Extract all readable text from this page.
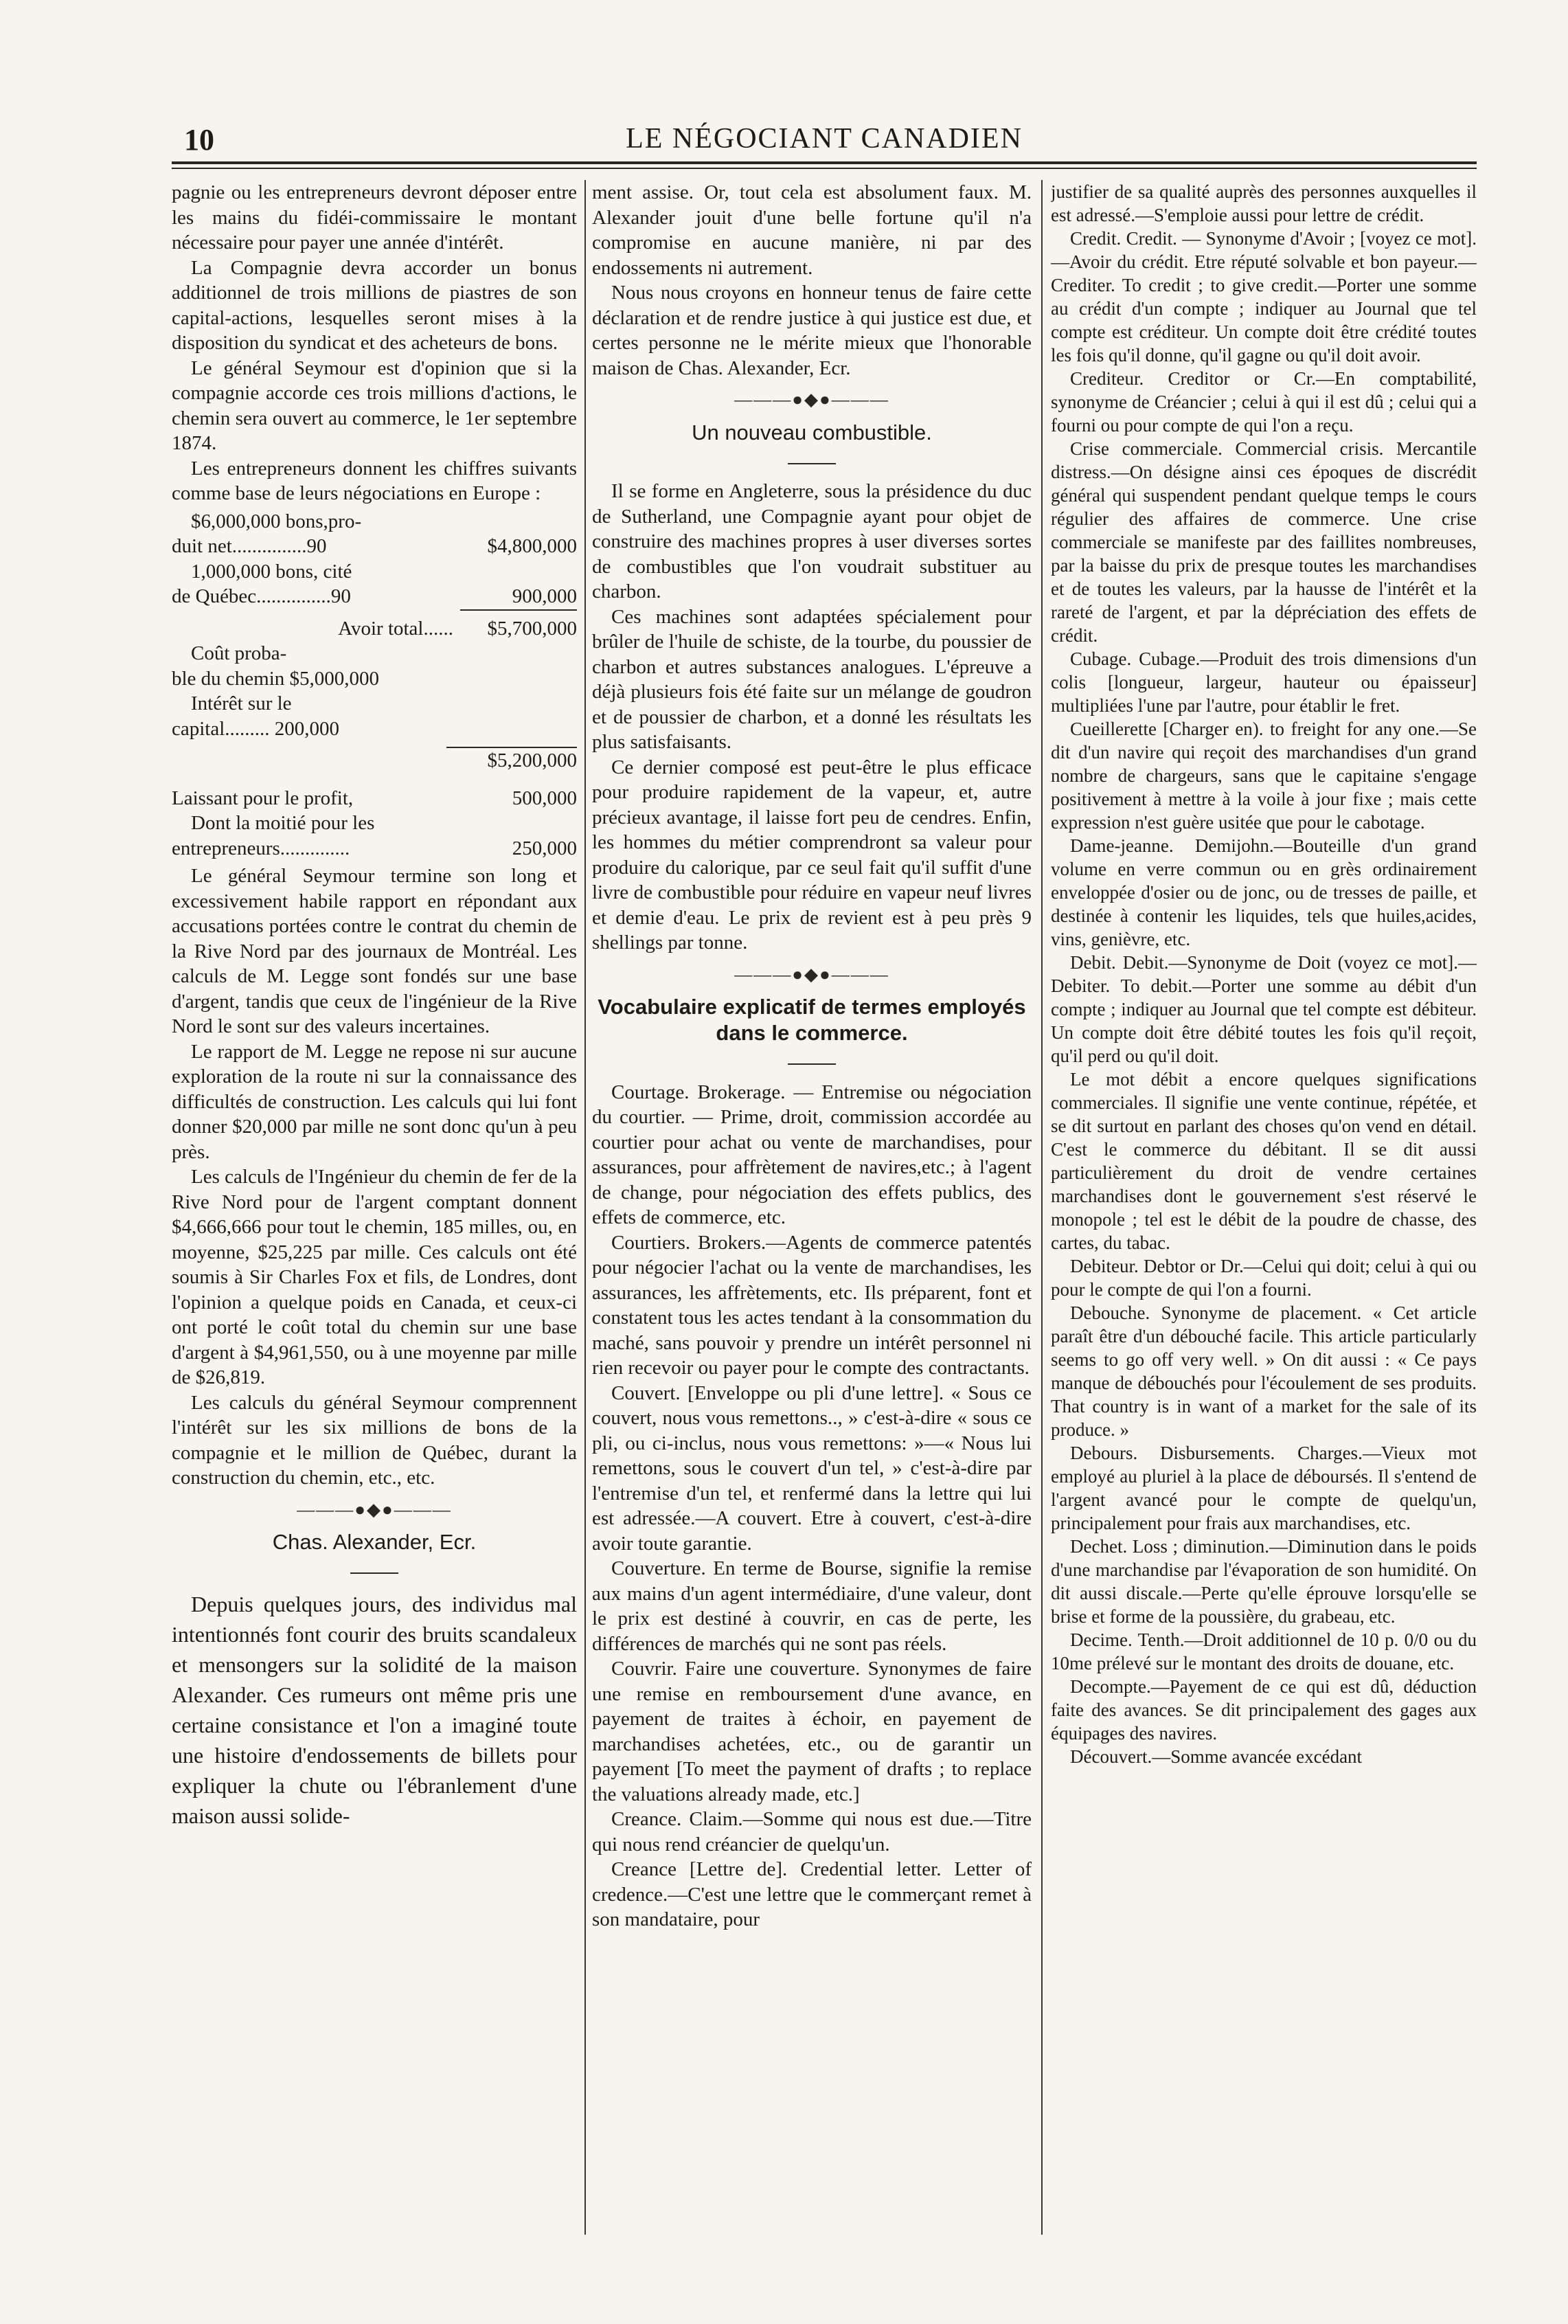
10	LE NÉGOCIANT CANADIEN

pagnie ou les entrepreneurs devront déposer entre les mains du fidéi-commissaire le montant nécessaire pour payer une année d'intérêt.

La Compagnie devra accorder un bonus additionnel de trois millions de piastres de son capital-actions, lesquelles seront mises à la disposition du syndicat et des acheteurs de bons.

Le général Seymour est d'opinion que si la compagnie accorde ces trois millions d'actions, le chemin sera ouvert au commerce, le 1er septembre 1874.

Les entrepreneurs donnent les chiffres suivants comme base de leurs négociations en Europe :

$6,000,000 bons,pro-
duit net...............90	$4,800,000
1,000,000 bons, cité
de Québec...............90	900,000
Avoir total......	$5,700,000
Coût proba-
ble du chemin $5,000,000
Intérêt sur le
capital......... 200,000
$5,200,000
Laissant pour le profit,	500,000
Dont la moitié pour les
entrepreneurs..............	250,000

Le général Seymour termine son long et excessivement habile rapport en répondant aux accusations portées contre le contrat du chemin de la Rive Nord par des journaux de Montréal. Les calculs de M. Legge sont fondés sur une base d'argent, tandis que ceux de l'ingénieur de la Rive Nord le sont sur des valeurs incertaines.

Le rapport de M. Legge ne repose ni sur aucune exploration de la route ni sur la connaissance des difficultés de construction. Les calculs qui lui font donner $20,000 par mille ne sont donc qu'un à peu près.

Les calculs de l'Ingénieur du chemin de fer de la Rive Nord pour de l'argent comptant donnent $4,666,666 pour tout le chemin, 185 milles, ou, en moyenne, $25,225 par mille. Ces calculs ont été soumis à Sir Charles Fox et fils, de Londres, dont l'opinion a quelque poids en Canada, et ceux-ci ont porté le coût total du chemin sur une base d'argent à $4,961,550, ou à une moyenne par mille de $26,819.

Les calculs du général Seymour comprennent l'intérêt sur les six millions de bons de la compagnie et le million de Québec, durant la construction du chemin, etc., etc.

———●◆●———
Chas. Alexander, Ecr.

Depuis quelques jours, des individus mal intentionnés font courir des bruits scandaleux et mensongers sur la solidité de la maison Alexander. Ces rumeurs ont même pris une certaine consistance et l'on a imaginé toute une histoire d'endossements de billets pour expliquer la chute ou l'ébranlement d'une maison aussi solide-

ment assise. Or, tout cela est absolument faux. M. Alexander jouit d'une belle fortune qu'il n'a compromise en aucune manière, ni par des endossements ni autrement.

Nous nous croyons en honneur tenus de faire cette déclaration et de rendre justice à qui justice est due, et certes personne ne le mérite mieux que l'honorable maison de Chas. Alexander, Ecr.

———●◆●———
Un nouveau combustible.

Il se forme en Angleterre, sous la présidence du duc de Sutherland, une Compagnie ayant pour objet de construire des machines propres à user diverses sortes de combustibles que l'on voudrait substituer au charbon.

Ces machines sont adaptées spécialement pour brûler de l'huile de schiste, de la tourbe, du poussier de charbon et autres substances analogues. L'épreuve a déjà plusieurs fois été faite sur un mélange de goudron et de poussier de charbon, et a donné les résultats les plus satisfaisants.

Ce dernier composé est peut-être le plus efficace pour produire rapidement de la vapeur, et, autre précieux avantage, il laisse fort peu de cendres. Enfin, les hommes du métier comprendront sa valeur pour produire du calorique, par ce seul fait qu'il suffit d'une livre de combustible pour réduire en vapeur neuf livres et demie d'eau. Le prix de revient est à peu près 9 shellings par tonne.

———●◆●———
Vocabulaire explicatif de termes employés dans le commerce.

Courtage. Brokerage. — Entremise ou négociation du courtier. — Prime, droit, commission accordée au courtier pour achat ou vente de marchandises, pour assurances, pour affrètement de navires,etc.; à l'agent de change, pour négociation des effets publics, des effets de commerce, etc.

Courtiers. Brokers.—Agents de commerce patentés pour négocier l'achat ou la vente de marchandises, les assurances, les affrètements, etc. Ils préparent, font et constatent tous les actes tendant à la consommation du maché, sans pouvoir y prendre un intérêt personnel ni rien recevoir ou payer pour le compte des contractants.

Couvert. [Enveloppe ou pli d'une lettre]. « Sous ce couvert, nous vous remettons.., » c'est-à-dire « sous ce pli, ou ci-inclus, nous vous remettons: »—« Nous lui remettons, sous le couvert d'un tel, » c'est-à-dire par l'entremise d'un tel, et renfermé dans la lettre qui lui est adressée.—A couvert. Etre à couvert, c'est-à-dire avoir toute garantie.

Couverture. En terme de Bourse, signifie la remise aux mains d'un agent intermédiaire, d'une valeur, dont le prix est destiné à couvrir, en cas de perte, les différences de marchés qui ne sont pas réels.

Couvrir. Faire une couverture. Synonymes de faire une remise en remboursement d'une avance, en payement de traites à échoir, en payement de marchandises achetées, etc., ou de garantir un payement [To meet the payment of drafts ; to replace the valuations already made, etc.]

Creance. Claim.—Somme qui nous est due.—Titre qui nous rend créancier de quelqu'un.

Creance [Lettre de]. Credential letter. Letter of credence.—C'est une lettre que le commerçant remet à son mandataire, pour

justifier de sa qualité auprès des personnes auxquelles il est adressé.—S'emploie aussi pour lettre de crédit.

Credit. Credit. — Synonyme d'Avoir ; [voyez ce mot].—Avoir du crédit. Etre réputé solvable et bon payeur.—Crediter. To credit ; to give credit.—Porter une somme au crédit d'un compte ; indiquer au Journal que tel compte est créditeur. Un compte doit être crédité toutes les fois qu'il donne, qu'il gagne ou qu'il doit avoir.

Crediteur. Creditor or Cr.—En comptabilité, synonyme de Créancier ; celui à qui il est dû ; celui qui a fourni ou pour compte de qui l'on a reçu.

Crise commerciale. Commercial crisis. Mercantile distress.—On désigne ainsi ces époques de discrédit général qui suspendent pendant quelque temps le cours régulier des affaires de commerce. Une crise commerciale se manifeste par des faillites nombreuses, par la baisse du prix de presque toutes les marchandises et de toutes les valeurs, par la hausse de l'intérêt et la rareté de l'argent, et par la dépréciation des effets de crédit.

Cubage. Cubage.—Produit des trois dimensions d'un colis [longueur, largeur, hauteur ou épaisseur] multipliées l'une par l'autre, pour établir le fret.

Cueillerette [Charger en). to freight for any one.—Se dit d'un navire qui reçoit des marchandises d'un grand nombre de chargeurs, sans que le capitaine s'engage positivement à mettre à la voile à jour fixe ; mais cette expression n'est guère usitée que pour le cabotage.

Dame-jeanne. Demijohn.—Bouteille d'un grand volume en verre commun ou en grès ordinairement enveloppée d'osier ou de jonc, ou de tresses de paille, et destinée à contenir les liquides, tels que huiles,acides, vins, genièvre, etc.

Debit. Debit.—Synonyme de Doit (voyez ce mot].—Debiter. To debit.—Porter une somme au débit d'un compte ; indiquer au Journal que tel compte est débiteur. Un compte doit être débité toutes les fois qu'il reçoit, qu'il perd ou qu'il doit.

Le mot débit a encore quelques significations commerciales. Il signifie une vente continue, répétée, et se dit surtout en parlant des choses qu'on vend en détail. C'est le commerce du débitant. Il se dit aussi particulièrement du droit de vendre certaines marchandises dont le gouvernement s'est réservé le monopole ; tel est le débit de la poudre de chasse, des cartes, du tabac.

Debiteur. Debtor or Dr.—Celui qui doit; celui à qui ou pour le compte de qui l'on a fourni.

Debouche. Synonyme de placement. « Cet article paraît être d'un débouché facile. This article particularly seems to go off very well. » On dit aussi : « Ce pays manque de débouchés pour l'écoulement de ses produits. That country is in want of a market for the sale of its produce. »

Debours. Disbursements. Charges.—Vieux mot employé au pluriel à la place de déboursés. Il s'entend de l'argent avancé pour le compte de quelqu'un, principalement pour frais aux marchandises, etc.

Dechet. Loss ; diminution.—Diminution dans le poids d'une marchandise par l'évaporation de son humidité. On dit aussi discale.—Perte qu'elle éprouve lorsqu'elle se brise et forme de la poussière, du grabeau, etc.

Decime. Tenth.—Droit additionnel de 10 p. 0/0 ou du 10me prélevé sur le montant des droits de douane, etc.

Decompte.—Payement de ce qui est dû, déduction faite des avances. Se dit principalement des gages aux équipages des navires.

Découvert.—Somme avancée excédant
